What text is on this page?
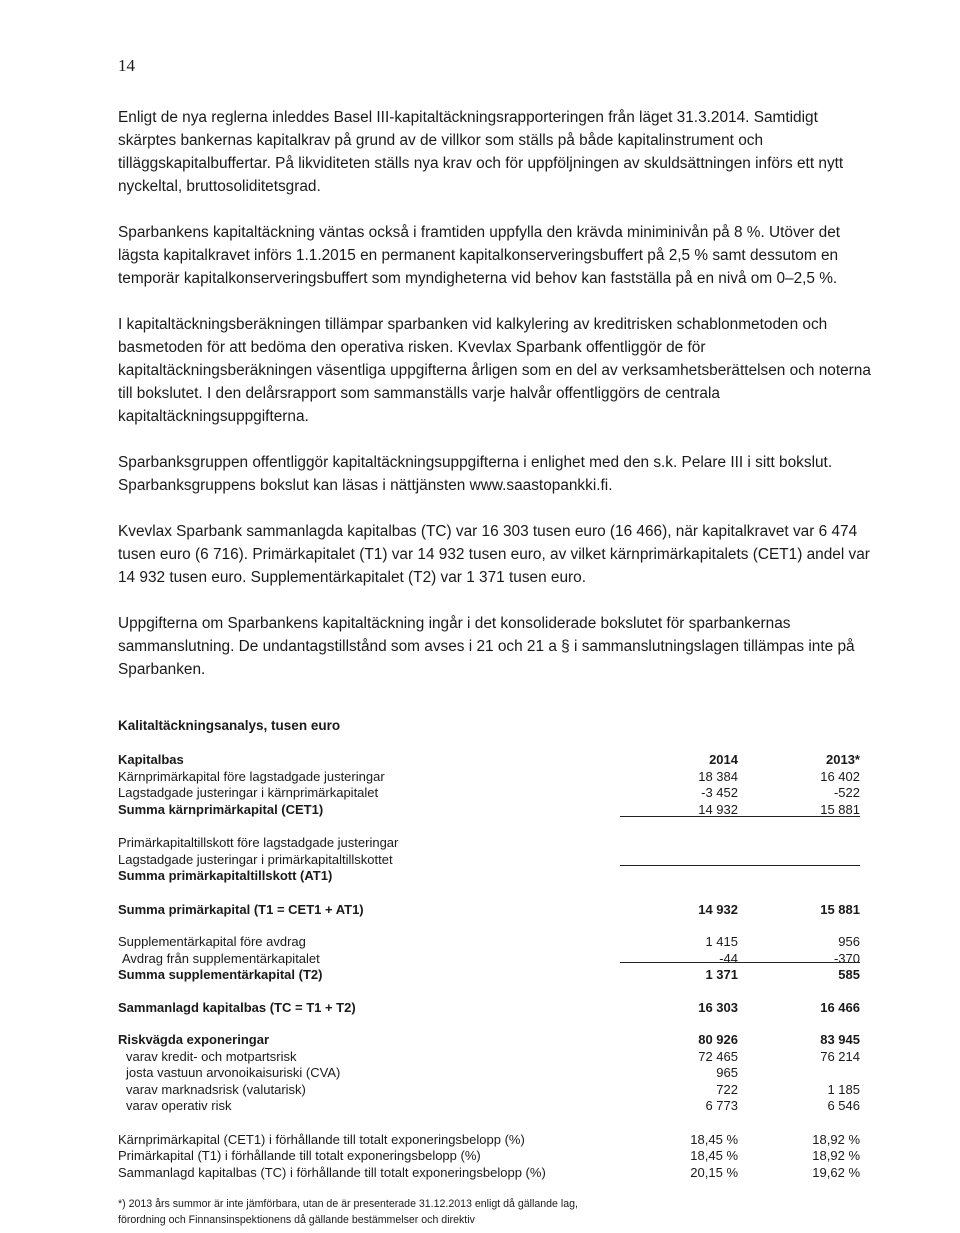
14

Enligt de nya reglerna inleddes Basel III-kapitaltäckningsrapporteringen från läget 31.3.2014. Samtidigt skärptes bankernas kapitalkrav på grund av de villkor som ställs på både kapitalinstrument och tilläggskapitalbuffertar. På likviditeten ställs nya krav och för uppföljningen av skuldsättningen införs ett nytt nyckeltal, bruttosoliditetsgrad.

Sparbankens kapitaltäckning väntas också i framtiden uppfylla den krävda miniminivån på 8 %. Utöver det lägsta kapitalkravet införs 1.1.2015 en permanent kapitalkonserveringsbuffert på 2,5 % samt dessutom en temporär kapitalkonserveringsbuffert som myndigheterna vid behov kan fastställa på en nivå om 0–2,5 %.

I kapitaltäckningsberäkningen tillämpar sparbanken vid kalkylering av kreditrisken schablonmetoden och basmetoden för att bedöma den operativa risken. Kvevlax Sparbank offentliggör de för kapitaltäckningsberäkningen väsentliga uppgifterna årligen som en del av verksamhetsberättelsen och noterna till bokslutet. I den delårsrapport som sammanställs varje halvår offentliggörs de centrala kapitaltäckningsuppgifterna.

Sparbanksgruppen offentliggör kapitaltäckningsuppgifterna i enlighet med den s.k. Pelare III i sitt bokslut. Sparbanksgruppens bokslut kan läsas i nättjänsten www.saastopankki.fi.

Kvevlax Sparbank sammanlagda kapitalbas (TC) var 16 303 tusen euro (16 466), när kapitalkravet var 6 474 tusen euro (6 716). Primärkapitalet (T1) var 14 932 tusen euro, av vilket kärnprimärkapitalets (CET1) andel var 14 932 tusen euro. Supplementärkapitalet (T2) var 1 371 tusen euro.

Uppgifterna om Sparbankens kapitaltäckning ingår i det konsoliderade bokslutet för sparbankernas sammanslutning. De undantagstillstånd som avses i 21 och 21 a § i sammanslutningslagen tillämpas inte på Sparbanken.

Kalitaltäckningsanalys, tusen euro
Kapitalbas	2014	2013*
Kärnprimärkapital före lagstadgade justeringar	18 384	16 402
Lagstadgade justeringar i kärnprimärkapitalet	-3 452	-522
Summa kärnprimärkapital (CET1)	14 932	15 881
Primärkapitaltillskott före lagstadgade justeringar
Lagstadgade justeringar i primärkapitaltillskottet
Summa primärkapitaltillskott (AT1)
Summa primärkapital (T1 = CET1 + AT1)	14 932	15 881
Supplementärkapital före avdrag	1 415	956
Avdrag från supplementärkapitalet	-44	-370
Summa supplementärkapital (T2)	1 371	585
Sammanlagd kapitalbas (TC = T1 + T2)	16 303	16 466
Riskvägda exponeringar	80 926	83 945
varav kredit- och motpartsrisk	72 465	76 214
josta vastuun arvonoikaisuriski (CVA)	965
varav marknadsrisk (valutarisk)	722	1 185
varav operativ risk	6 773	6 546
Kärnprimärkapital (CET1) i förhållande till totalt exponeringsbelopp (%)	18,45 %	18,92 %
Primärkapital (T1) i förhållande till totalt exponeringsbelopp (%)	18,45 %	18,92 %
Sammanlagd kapitalbas (TC) i förhållande till totalt exponeringsbelopp (%)	20,15 %	19,62 %
*) 2013 års summor är inte jämförbara, utan de är presenterade 31.12.2013 enligt då gällande lag,
förordning och Finnansinspektionens då gällande bestämmelser och direktiv
